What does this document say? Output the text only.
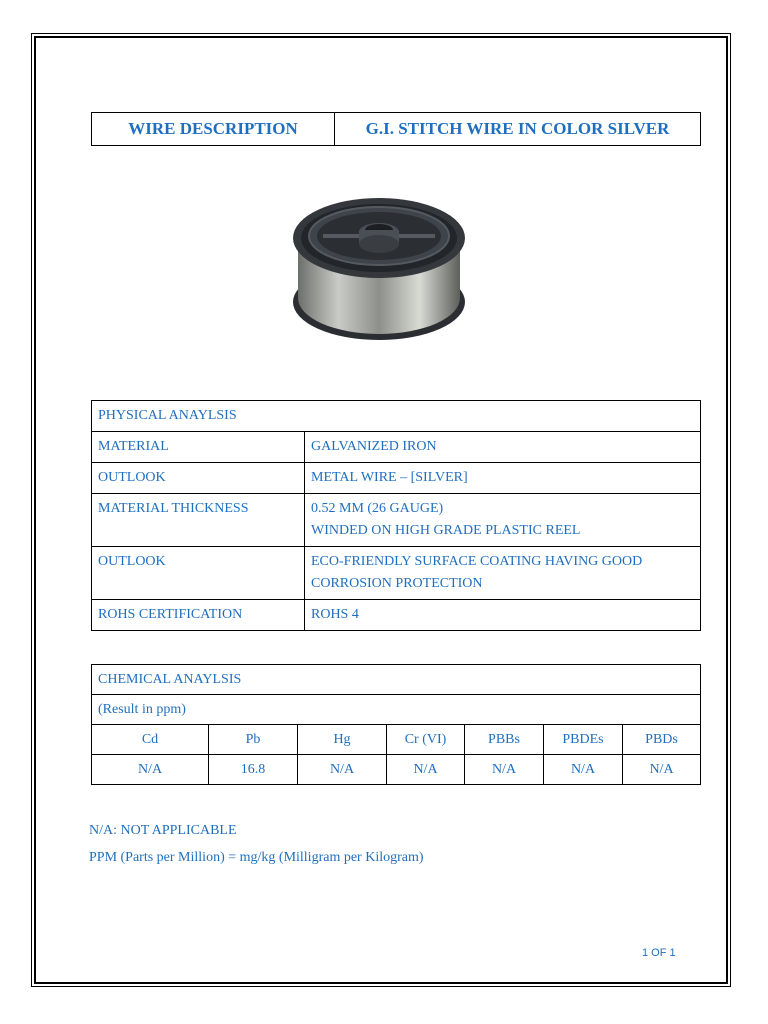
WIRE DESCRIPTION	G.I. STITCH WIRE IN COLOR SILVER
PHYSICAL ANAYLSIS	
MATERIAL	GALVANIZED IRON
OUTLOOK	METAL WIRE – [SILVER]
MATERIAL THICKNESS	0.52 MM (26 GAUGE)
WINDED ON HIGH GRADE PLASTIC REEL

OUTLOOK	ECO-FRIENDLY SURFACE COATING HAVING GOOD
CORROSION PROTECTION

ROHS CERTIFICATION	ROHS 4
CHEMICAL ANAYLSIS						
(Result in ppm)						
Cd	Pb	Hg	Cr (VI)	PBBs	PBDEs	PBDs
N/A	16.8	N/A	N/A	N/A	N/A	N/A
N/A: NOT APPLICABLE
PPM (Parts per Million) = mg/kg (Milligram per Kilogram)
1 OF 1
